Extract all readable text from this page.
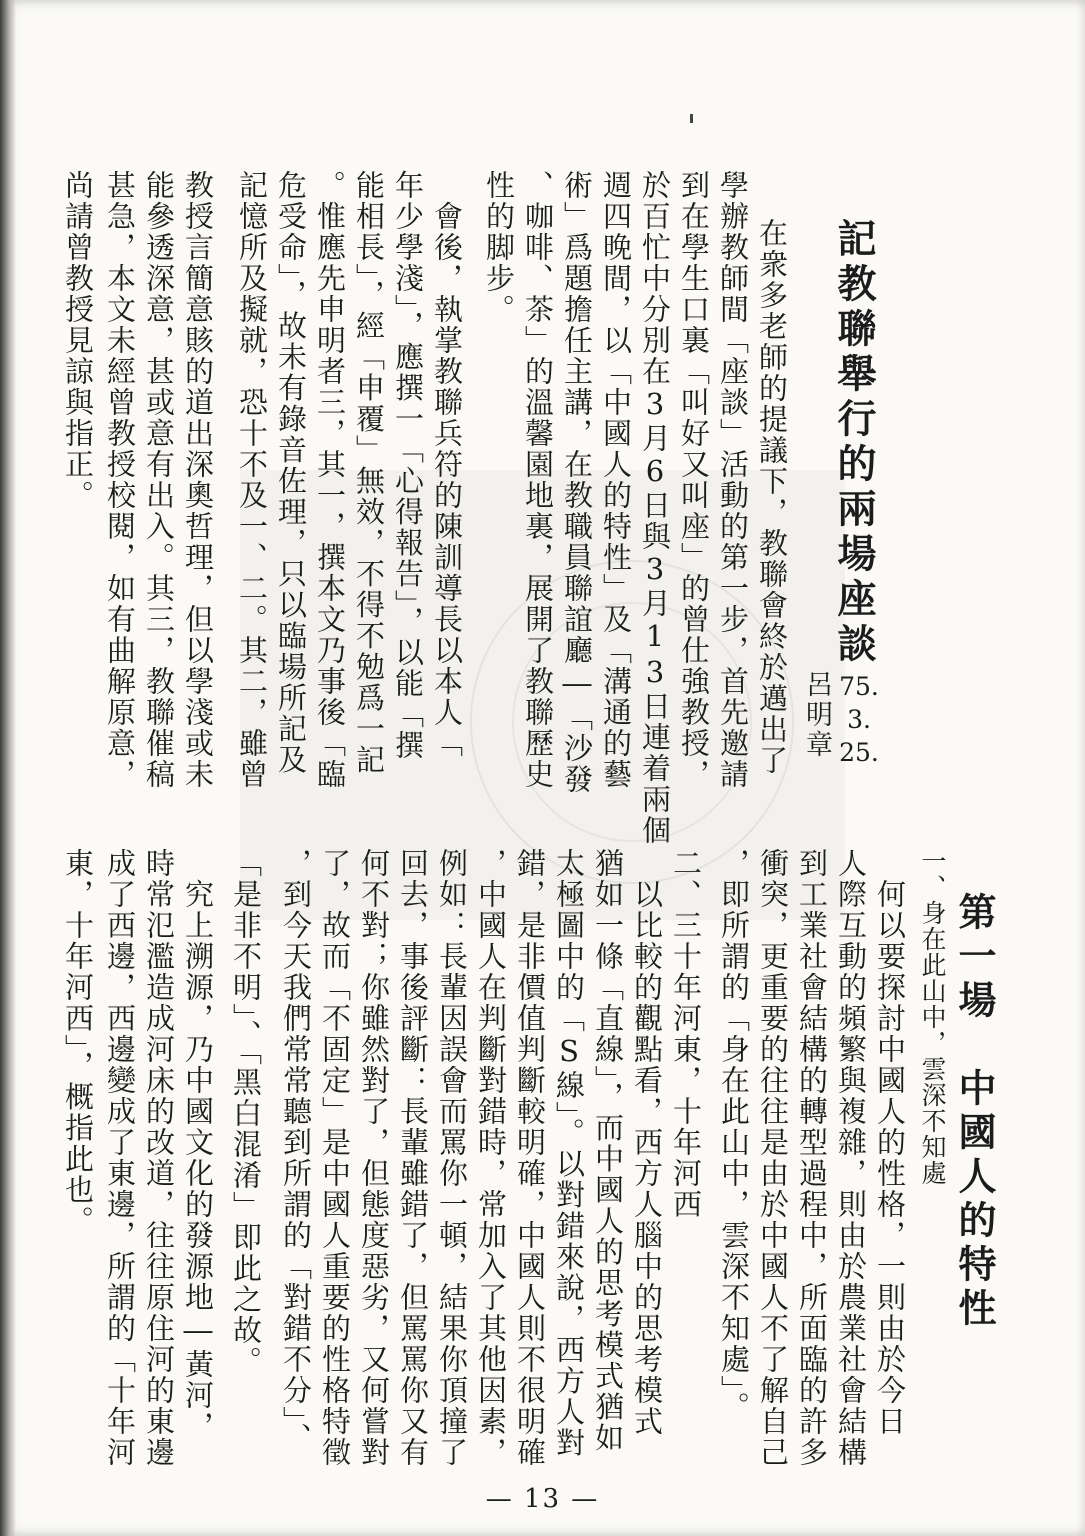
記教聯舉行的兩場座談
呂明章 75.
3.
25.
在衆多老師的提議下，教聯會終於邁出了
學辦教師間「座談」活動的第一步，首先邀請
到在學生口裏「叫好又叫座」的曾仕強教授，
於百忙中分別在3月6日與3月13日連着兩個
週四晚間，以「中國人的特性」及「溝通的藝
術」爲題擔任主講，在教職員聯誼廳―「沙發
、咖啡、茶」的溫馨園地裏，展開了教聯歷史
性的脚步。
　會後，執掌教聯兵符的陳訓導長以本人「
年少學淺」，應撰一「心得報告」，以能「撰
能相長」，經「申覆」無效，不得不勉爲一記
。惟應先申明者三，其一，撰本文乃事後「臨
危受命」，故未有錄音佐理，只以臨場所記及
記憶所及擬就，恐十不及一、二。其二，雖曾
教授言簡意賅的道出深奧哲理，但以學淺或未
能參透深意，甚或意有出入。其三，教聯催稿
甚急，本文未經曾教授校閱，如有曲解原意，
尚請曾教授見諒與指正。
第一場　中國人的特性
一、身在此山中，雲深不知處
　何以要探討中國人的性格，一則由於今日
人際互動的頻繁與複雜，則由於農業社會結構
到工業社會結構的轉型過程中，所面臨的許多
衝突，更重要的往往是由於中國人不了解自己
，即所謂的「身在此山中，雲深不知處」。
二、三十年河東，十年河西
　以比較的觀點看，西方人腦中的思考模式
猶如一條「直線」，而中國人的思考模式猶如
太極圖中的「S線」。以對錯來說，西方人對
錯，是非價值判斷較明確，中國人則不很明確
，中國人在判斷對錯時，常加入了其他因素，
例如：長輩因誤會而罵你一頓，結果你頂撞了
回去，事後評斷：長輩雖錯了，但罵罵你又有
何不對；你雖然對了，但態度惡劣，又何嘗對
了，故而「不固定」是中國人重要的性格特徵
，到今天我們常常聽到所謂的「對錯不分」、
「是非不明」、「黑白混淆」即此之故。
　究上溯源，乃中國文化的發源地―黃河，
時常氾濫造成河床的改道，往往原住河的東邊
成了西邊，西邊變成了東邊，所謂的「十年河
東，十年河西」，概指此也。
— 13 —
